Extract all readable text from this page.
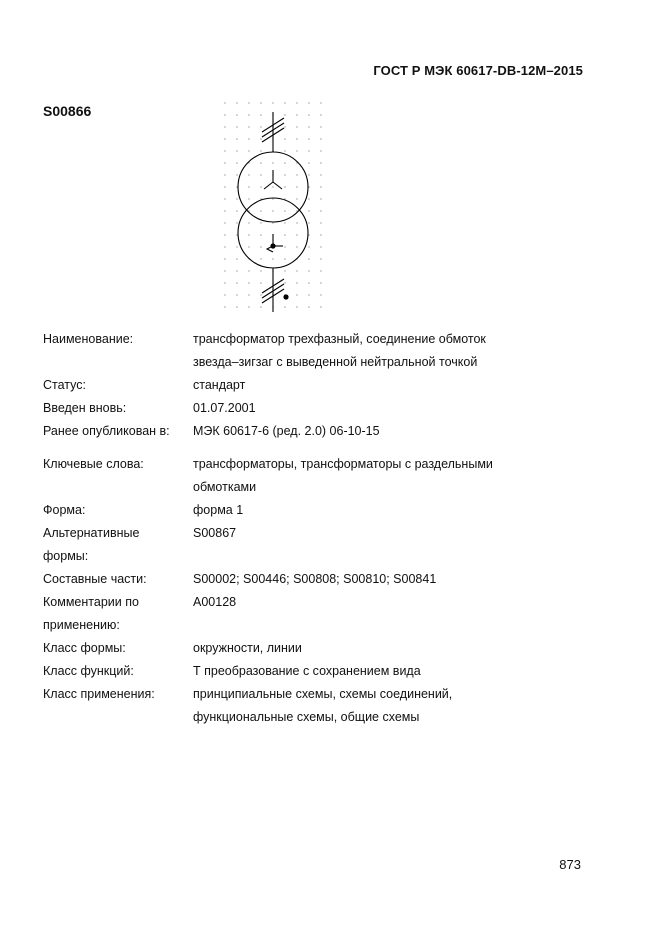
ГОСТ Р МЭК 60617-DB-12M–2015
S00866
Наименование:	трансформатор трехфазный, соединение обмоток звезда–зигзаг с выведенной нейтральной точкой
Статус:	стандарт
Введен вновь:	01.07.2001
Ранее опубликован в:	МЭК 60617-6 (ред. 2.0) 06-10-15
Ключевые слова:	трансформаторы, трансформаторы с раздельными обмотками
Форма:	форма 1
Альтернативные формы:
S00867
Составные части:	S00002; S00446; S00808; S00810; S00841
Комментарии по применению:
A00128
Класс формы:	окружности, линии
Класс функций:	Т преобразование с сохранением вида
Класс применения:	принципиальные схемы, схемы соединений, функциональные схемы, общие схемы
873
